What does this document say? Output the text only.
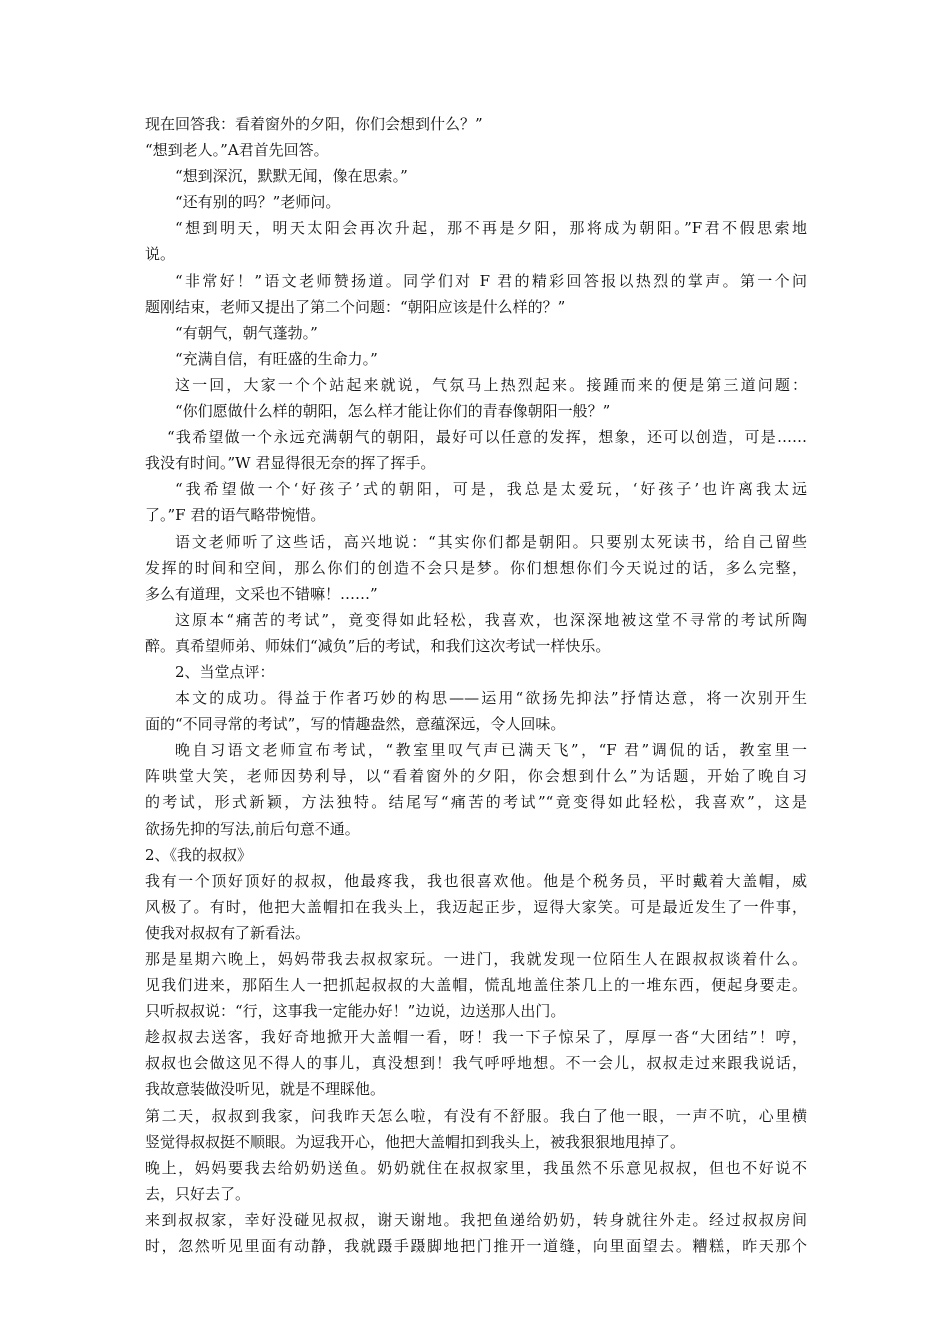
现在回答我：看着窗外的夕阳，你们会想到什么？”
“想到老人。”A君首先回答。
“想到深沉，默默无闻，像在思索。”
“还有别的吗？”老师问。
“想到明天，明天太阳会再次升起，那不再是夕阳，那将成为朝阳。”F君不假思索地
说。
“非常好！”语文老师赞扬道。同学们对 F 君的精彩回答报以热烈的掌声。第一个问
题刚结束，老师又提出了第二个问题：“朝阳应该是什么样的？”
“有朝气，朝气蓬勃。”
“充满自信，有旺盛的生命力。”
这一回，大家一个个站起来就说，气氛马上热烈起来。接踵而来的便是第三道问题：
“你们愿做什么样的朝阳，怎么样才能让你们的青春像朝阳一般？”
“我希望做一个永远充满朝气的朝阳，最好可以任意的发挥，想象，还可以创造，可是……
我没有时间。”W 君显得很无奈的挥了挥手。
“我希望做一个‘好孩子’式的朝阳，可是，我总是太爱玩，‘好孩子’也许离我太远
了。”F 君的语气略带惋惜。
语文老师听了这些话，高兴地说：“其实你们都是朝阳。只要别太死读书，给自己留些
发挥的时间和空间，那么你们的创造不会只是梦。你们想想你们今天说过的话，多么完整，
多么有道理，文采也不错嘛！……”
这原本“痛苦的考试”，竟变得如此轻松，我喜欢，也深深地被这堂不寻常的考试所陶
醉。真希望师弟、师妹们“减负”后的考试，和我们这次考试一样快乐。
2、当堂点评：
本文的成功。得益于作者巧妙的构思——运用“欲扬先抑法”抒情达意，将一次别开生
面的“不同寻常的考试”，写的情趣盎然，意蕴深远，令人回味。
晚自习语文老师宣布考试，“教室里叹气声已满天飞”，“F 君”调侃的话，教室里一
阵哄堂大笑，老师因势利导，以“看着窗外的夕阳，你会想到什么”为话题，开始了晚自习
的考试，形式新颖，方法独特。结尾写“痛苦的考试”“竟变得如此轻松，我喜欢”，这是
欲扬先抑的写法,前后句意不通。
2、《我的叔叔》
我有一个顶好顶好的叔叔，他最疼我，我也很喜欢他。他是个税务员，平时戴着大盖帽，威
风极了。有时，他把大盖帽扣在我头上，我迈起正步，逗得大家笑。可是最近发生了一件事，
使我对叔叔有了新看法。
那是星期六晚上，妈妈带我去叔叔家玩。一进门，我就发现一位陌生人在跟叔叔谈着什么。
见我们进来，那陌生人一把抓起叔叔的大盖帽，慌乱地盖住茶几上的一堆东西，便起身要走。
只听叔叔说：“行，这事我一定能办好！”边说，边送那人出门。
趁叔叔去送客，我好奇地掀开大盖帽一看，呀！我一下子惊呆了，厚厚一沓“大团结”！哼，
叔叔也会做这见不得人的事儿，真没想到！我气呼呼地想。不一会儿，叔叔走过来跟我说话，
我故意装做没听见，就是不理睬他。
第二天，叔叔到我家，问我昨天怎么啦，有没有不舒服。我白了他一眼，一声不吭，心里横
竖觉得叔叔挺不顺眼。为逗我开心，他把大盖帽扣到我头上，被我狠狠地甩掉了。
晚上，妈妈要我去给奶奶送鱼。奶奶就住在叔叔家里，我虽然不乐意见叔叔，但也不好说不
去，只好去了。
来到叔叔家，幸好没碰见叔叔，谢天谢地。我把鱼递给奶奶，转身就往外走。经过叔叔房间
时，忽然听见里面有动静，我就蹑手蹑脚地把门推开一道缝，向里面望去。糟糕，昨天那个
